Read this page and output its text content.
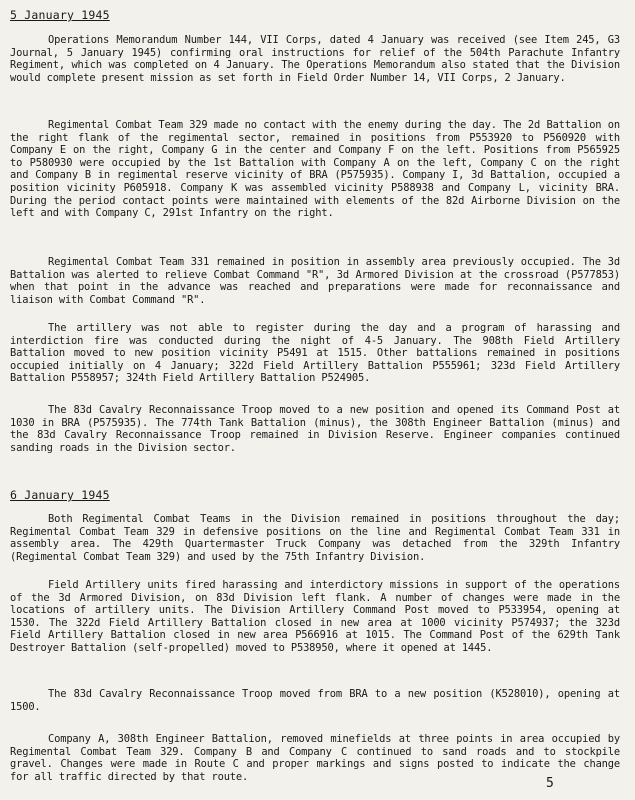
5 January 1945

Operations Memorandum Number 144, VII Corps, dated 4 January was received (see Item 245, G3 Journal, 5 January 1945) confirming oral instructions for relief of the 504th Parachute Infantry Regiment, which was completed on 4 January. The Operations Memorandum also stated that the Division would complete present mission as set forth in Field Order Number 14, VII Corps, 2 January.

Regimental Combat Team 329 made no contact with the enemy during the day. The 2d Battalion on the right flank of the regimental sector, remained in positions from P553920 to P560920 with Company E on the right, Company G in the center and Company F on the left. Positions from P565925 to P580930 were occupied by the 1st Battalion with Company A on the left, Company C on the right and Company B in regimental reserve vicinity of BRA (P575935). Company I, 3d Battalion, occupied a position vicinity P605918. Company K was assembled vicinity P588938 and Company L, vicinity BRA. During the period contact points were maintained with elements of the 82d Airborne Division on the left and with Company C, 291st Infantry on the right.

Regimental Combat Team 331 remained in position in assembly area previously occupied. The 3d Battalion was alerted to relieve Combat Command "R", 3d Armored Division at the crossroad (P577853) when that point in the advance was reached and preparations were made for reconnaissance and liaison with Combat Command "R".

The artillery was not able to register during the day and a program of harassing and interdiction fire was conducted during the night of 4-5 January. The 908th Field Artillery Battalion moved to new position vicinity P5491 at 1515. Other battalions remained in positions occupied initially on 4 January; 322d Field Artillery Battalion P555961; 323d Field Artillery Battalion P558957; 324th Field Artillery Battalion P524905.

The 83d Cavalry Reconnaissance Troop moved to a new position and opened its Command Post at 1030 in BRA (P575935). The 774th Tank Battalion (minus), the 308th Engineer Battalion (minus) and the 83d Cavalry Reconnaissance Troop remained in Division Reserve. Engineer companies continued sanding roads in the Division sector.

6 January 1945

Both Regimental Combat Teams in the Division remained in positions throughout the day; Regimental Combat Team 329 in defensive positions on the line and Regimental Combat Team 331 in assembly area. The 429th Quartermaster Truck Company was detached from the 329th Infantry (Regimental Combat Team 329) and used by the 75th Infantry Division.

Field Artillery units fired harassing and interdictory missions in support of the operations of the 3d Armored Division, on 83d Division left flank. A number of changes were made in the locations of artillery units. The Division Artillery Command Post moved to P533954, opening at 1530. The 322d Field Artillery Battalion closed in new area at 1000 vicinity P574937; the 323d Field Artillery Battalion closed in new area P566916 at 1015. The Command Post of the 629th Tank Destroyer Battalion (self-propelled) moved to P538950, where it opened at 1445.

The 83d Cavalry Reconnaissance Troop moved from BRA to a new position (K528010), opening at 1500.

Company A, 308th Engineer Battalion, removed minefields at three points in area occupied by Regimental Combat Team 329. Company B and Company C continued to sand roads and to stockpile gravel. Changes were made in Route C and proper markings and signs posted to indicate the change for all traffic directed by that route.	5
